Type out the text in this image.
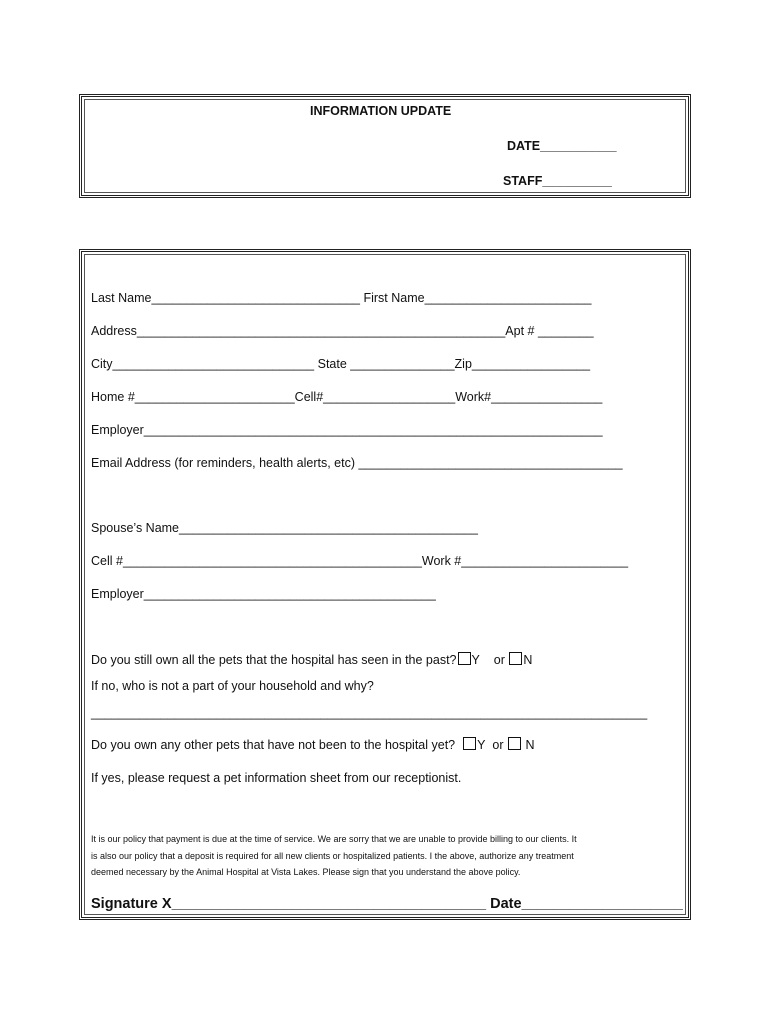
INFORMATION UPDATE
DATE___________
STAFF__________
Last Name______________________________ First Name________________________
Address_____________________________________________________Apt # ________
City_____________________________ State _______________Zip_________________
Home #_______________________Cell#___________________Work#________________
Employer__________________________________________________________________
Email Address (for reminders, health alerts, etc) ______________________________________
Spouse’s Name___________________________________________
Cell #___________________________________________Work #________________________
Employer__________________________________________
Do you still own all the pets that the hospital has seen in the past? Y or N
If no, who is not a part of your household and why?
________________________________________________________________________________
Do you own any other pets that have not been to the hospital yet? Y or N
If yes, please request a pet information sheet from our receptionist.
It is our policy that payment is due at the time of service. We are sorry that we are unable to provide billing to our clients. It
is also our policy that a deposit is required for all new clients or hospitalized patients. I the above, authorize any treatment
deemed necessary by the Animal Hospital at Vista Lakes. Please sign that you understand the above policy.
Signature X_______________________________________ Date____________________
